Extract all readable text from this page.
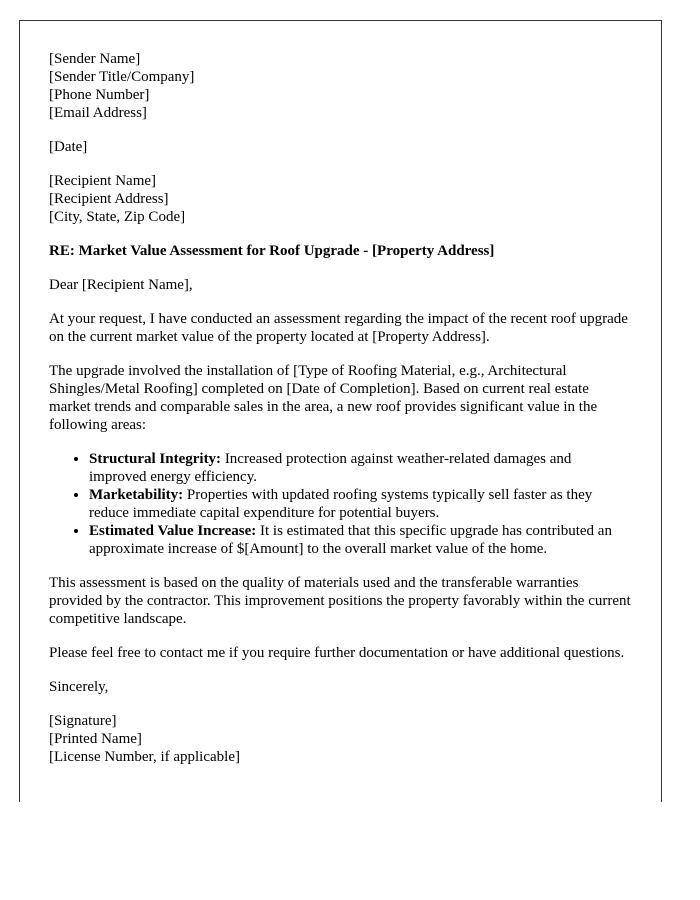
[Sender Name]
[Sender Title/Company]
[Phone Number]
[Email Address]

[Date]

[Recipient Name]
[Recipient Address]
[City, State, Zip Code]

RE: Market Value Assessment for Roof Upgrade - [Property Address]

Dear [Recipient Name],

At your request, I have conducted an assessment regarding the impact of the recent roof upgrade on the current market value of the property located at [Property Address].

The upgrade involved the installation of [Type of Roofing Material, e.g., Architectural Shingles/Metal Roofing] completed on [Date of Completion]. Based on current real estate market trends and comparable sales in the area, a new roof provides significant value in the following areas:

• Structural Integrity: Increased protection against weather-related damages and improved energy efficiency.
• Marketability: Properties with updated roofing systems typically sell faster as they reduce immediate capital expenditure for potential buyers.
• Estimated Value Increase: It is estimated that this specific upgrade has contributed an approximate increase of $[Amount] to the overall market value of the home.

This assessment is based on the quality of materials used and the transferable warranties provided by the contractor. This improvement positions the property favorably within the current competitive landscape.

Please feel free to contact me if you require further documentation or have additional questions.

Sincerely,

[Signature]
[Printed Name]
[License Number, if applicable]
